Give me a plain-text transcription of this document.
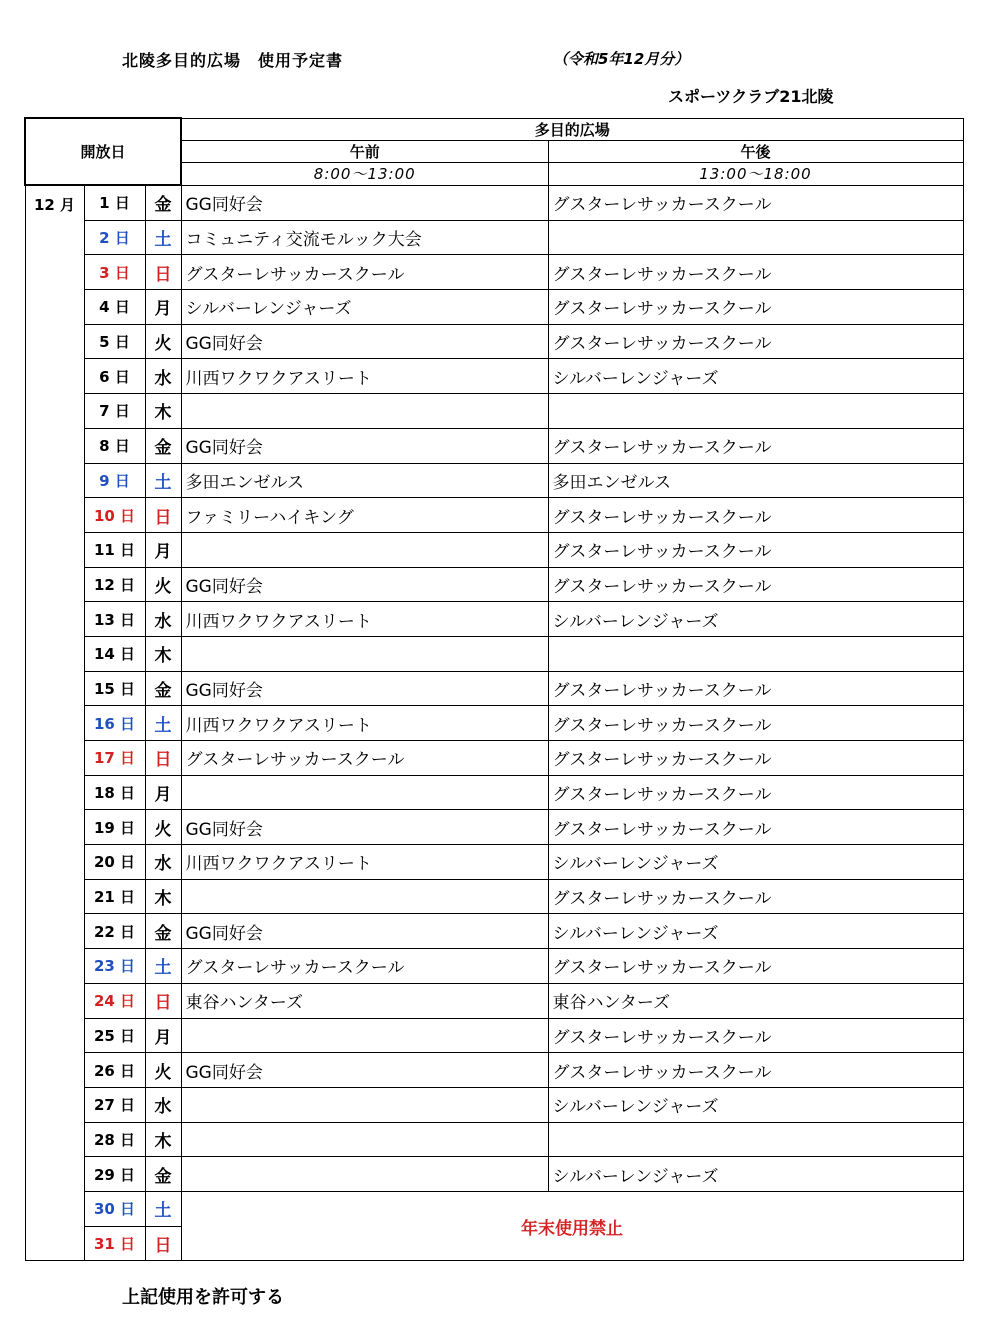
北陵多目的広場　使用予定書	（令和5年12月分）
スポーツクラブ21北陵
開放日			多目的広場	
			午前	午後
			8:00～13:00	13:00～18:00
12 月	1 日	金	GG同好会	グスターレサッカースクール
	2 日	土	コミュニティ交流モルック大会	
	3 日	日	グスターレサッカースクール	グスターレサッカースクール
	4 日	月	シルバーレンジャーズ	グスターレサッカースクール
	5 日	火	GG同好会	グスターレサッカースクール
	6 日	水	川西ワクワクアスリート	シルバーレンジャーズ
	7 日	木		
	8 日	金	GG同好会	グスターレサッカースクール
	9 日	土	多田エンゼルス	多田エンゼルス
	10 日	日	ファミリーハイキング	グスターレサッカースクール
	11 日	月		グスターレサッカースクール
	12 日	火	GG同好会	グスターレサッカースクール
	13 日	水	川西ワクワクアスリート	シルバーレンジャーズ
	14 日	木		
	15 日	金	GG同好会	グスターレサッカースクール
	16 日	土	川西ワクワクアスリート	グスターレサッカースクール
	17 日	日	グスターレサッカースクール	グスターレサッカースクール
	18 日	月		グスターレサッカースクール
	19 日	火	GG同好会	グスターレサッカースクール
	20 日	水	川西ワクワクアスリート	シルバーレンジャーズ
	21 日	木		グスターレサッカースクール
	22 日	金	GG同好会	シルバーレンジャーズ
	23 日	土	グスターレサッカースクール	グスターレサッカースクール
	24 日	日	東谷ハンターズ	東谷ハンターズ
	25 日	月		グスターレサッカースクール
	26 日	火	GG同好会	グスターレサッカースクール
	27 日	水		シルバーレンジャーズ
	28 日	木		
	29 日	金		シルバーレンジャーズ
	30 日	土	年末使用禁止	
	31 日	日		
上記使用を許可する
